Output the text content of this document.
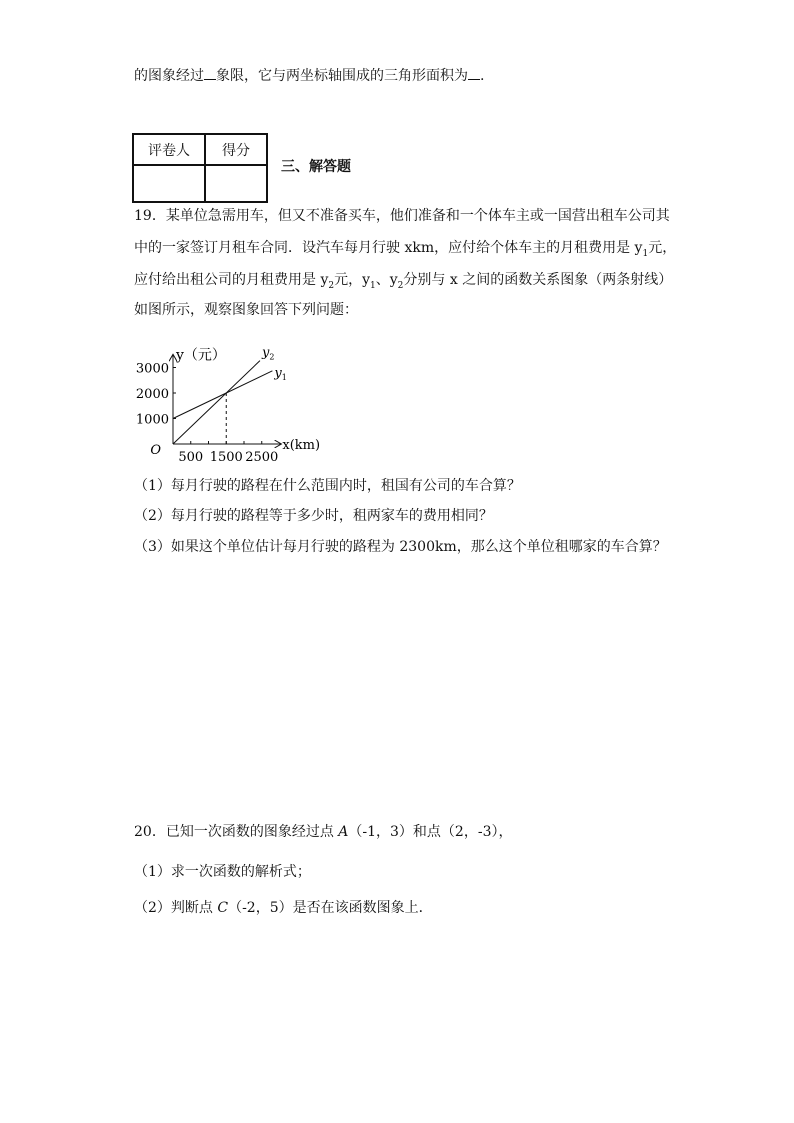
的图象经过 象限，它与两坐标轴围成的三角形面积为 .
评卷人	得分

三、解答题
19．某单位急需用车，但又不准备买车，他们准备和一个体车主或一国营出租车公司其
中的一家签订月租车合同．设汽车每月行驶 xkm，应付给个体车主的月租费用是 $y_1$元，
应付给出租公司的月租费用是 $y_2$元，$y_1$、$y_2$分别与 x 之间的函数关系图象（两条射线）
如图所示，观察图象回答下列问题：
500 1500 2500
1000
2000
3000	$y_1$
$y_2$
y（元）
x(km)
O
（1）每月行驶的路程在什么范围内时，租国有公司的车合算？
（2）每月行驶的路程等于多少时，租两家车的费用相同？
（3）如果这个单位估计每月行驶的路程为 2300km，那么这个单位租哪家的车合算？
20．已知一次函数的图象经过点 A（-1，3）和点（2，-3），
（1）求一次函数的解析式；
（2）判断点 C（-2，5）是否在该函数图象上．
